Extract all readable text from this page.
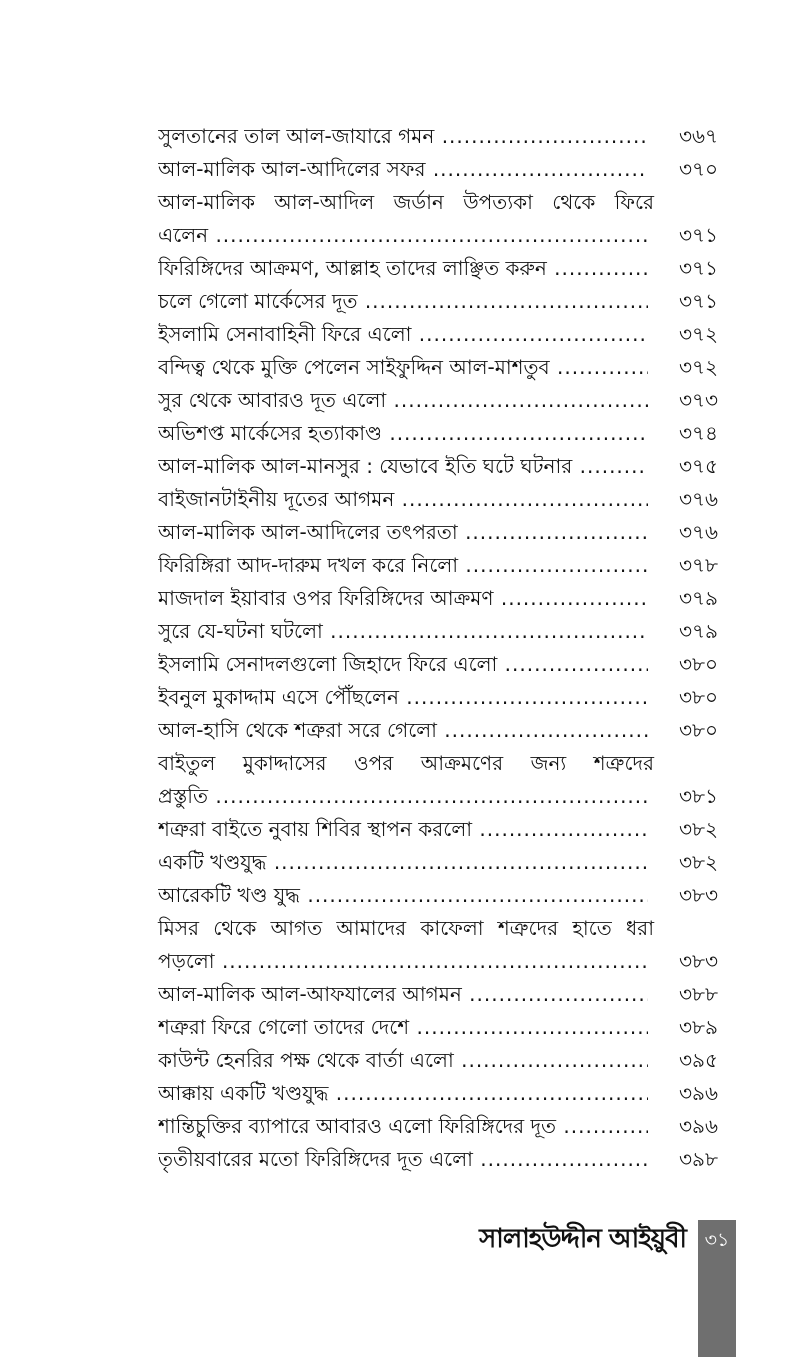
সুলতানের তাল আল-জাযারে গমন .....	৩৬৭
আল-মালিক আল-আদিলের সফর .....	৩৭০
আল-মালিক আল-আদিল জর্ডান উপত্যকা থেকে ফিরে
এলেন .....	৩৭১
ফিরিঙ্গিদের আক্রমণ, আল্লাহ তাদের লাঞ্ছিত করুন .....	৩৭১
চলে গেলো মার্কেসের দূত .....	৩৭১
ইসলামি সেনাবাহিনী ফিরে এলো .....	৩৭২
বন্দিত্ব থেকে মুক্তি পেলেন সাইফুদ্দিন আল-মাশতুব .....	৩৭২
সুর থেকে আবারও দূত এলো .....	৩৭৩
অভিশপ্ত মার্কেসের হত্যাকাণ্ড .....	৩৭৪
আল-মালিক আল-মানসুর : যেভাবে ইতি ঘটে ঘটনার .....	৩৭৫
বাইজানটাইনীয় দূতের আগমন .....	৩৭৬
আল-মালিক আল-আদিলের তৎপরতা .....	৩৭৬
ফিরিঙ্গিরা আদ-দারুম দখল করে নিলো .....	৩৭৮
মাজদাল ইয়াবার ওপর ফিরিঙ্গিদের আক্রমণ .....	৩৭৯
সুরে যে-ঘটনা ঘটলো .....	৩৭৯
ইসলামি সেনাদলগুলো জিহাদে ফিরে এলো .....	৩৮০
ইবনুল মুকাদ্দাম এসে পৌঁছলেন .....	৩৮০
আল-হাসি থেকে শত্রুরা সরে গেলো .....	৩৮০
বাইতুল মুকাদ্দাসের ওপর আক্রমণের জন্য শত্রুদের
প্রস্তুতি .....	৩৮১
শত্রুরা বাইতে নুবায় শিবির স্থাপন করলো .....	৩৮২
একটি খণ্ডযুদ্ধ .....	৩৮২
আরেকটি খণ্ড যুদ্ধ .....	৩৮৩
মিসর থেকে আগত আমাদের কাফেলা শত্রুদের হাতে ধরা
পড়লো .....	৩৮৩
আল-মালিক আল-আফযালের আগমন .....	৩৮৮
শত্রুরা ফিরে গেলো তাদের দেশে .....	৩৮৯
কাউন্ট হেনরির পক্ষ থেকে বার্তা এলো .....	৩৯৫
আক্কায় একটি খণ্ডযুদ্ধ .....	৩৯৬
শান্তিচুক্তির ব্যাপারে আবারও এলো ফিরিঙ্গিদের দূত .....	৩৯৬
তৃতীয়বারের মতো ফিরিঙ্গিদের দূত এলো .....	৩৯৮
সালাহউদ্দীন আইয়ুবী ৩১
